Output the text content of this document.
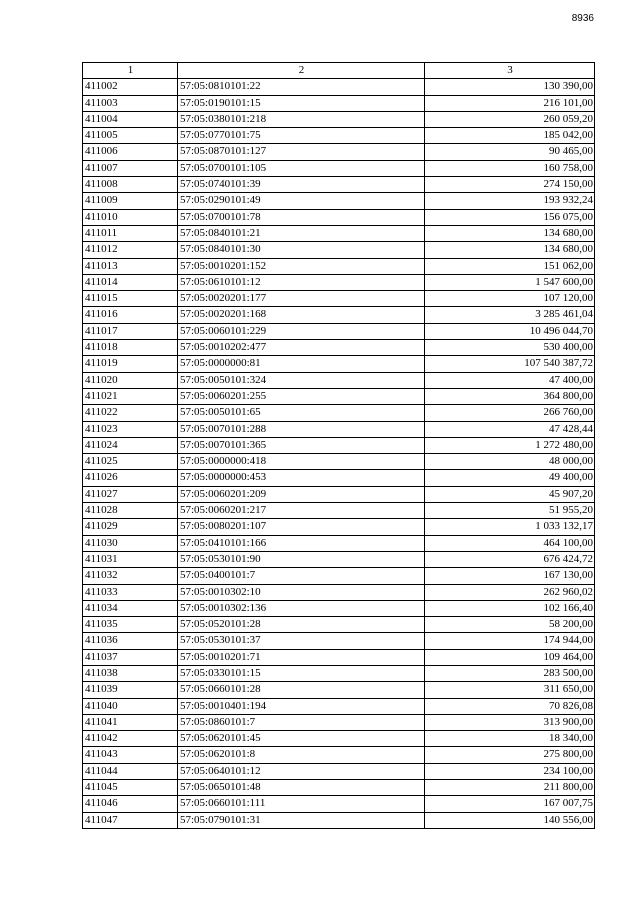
8936
1	2	3
411002	57:05:0810101:22	130 390,00
411003	57:05:0190101:15	216 101,00
411004	57:05:0380101:218	260 059,20
411005	57:05:0770101:75	185 042,00
411006	57:05:0870101:127	90 465,00
411007	57:05:0700101:105	160 758,00
411008	57:05:0740101:39	274 150,00
411009	57:05:0290101:49	193 932,24
411010	57:05:0700101:78	156 075,00
411011	57:05:0840101:21	134 680,00
411012	57:05:0840101:30	134 680,00
411013	57:05:0010201:152	151 062,00
411014	57:05:0610101:12	1 547 600,00
411015	57:05:0020201:177	107 120,00
411016	57:05:0020201:168	3 285 461,04
411017	57:05:0060101:229	10 496 044,70
411018	57:05:0010202:477	530 400,00
411019	57:05:0000000:81	107 540 387,72
411020	57:05:0050101:324	47 400,00
411021	57:05:0060201:255	364 800,00
411022	57:05:0050101:65	266 760,00
411023	57:05:0070101:288	47 428,44
411024	57:05:0070101:365	1 272 480,00
411025	57:05:0000000:418	48 000,00
411026	57:05:0000000:453	49 400,00
411027	57:05:0060201:209	45 907,20
411028	57:05:0060201:217	51 955,20
411029	57:05:0080201:107	1 033 132,17
411030	57:05:0410101:166	464 100,00
411031	57:05:0530101:90	676 424,72
411032	57:05:0400101:7	167 130,00
411033	57:05:0010302:10	262 960,02
411034	57:05:0010302:136	102 166,40
411035	57:05:0520101:28	58 200,00
411036	57:05:0530101:37	174 944,00
411037	57:05:0010201:71	109 464,00
411038	57:05:0330101:15	283 500,00
411039	57:05:0660101:28	311 650,00
411040	57:05:0010401:194	70 826,08
411041	57:05:0860101:7	313 900,00
411042	57:05:0620101:45	18 340,00
411043	57:05:0620101:8	275 800,00
411044	57:05:0640101:12	234 100,00
411045	57:05:0650101:48	211 800,00
411046	57:05:0660101:111	167 007,75
411047	57:05:0790101:31	140 556,00
